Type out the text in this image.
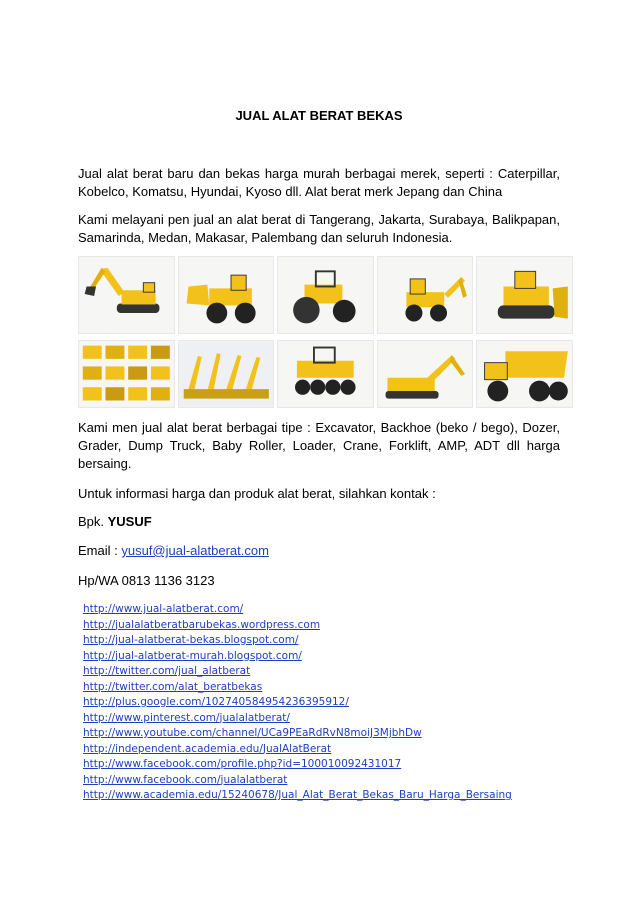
JUAL ALAT BERAT BEKAS
Jual alat berat baru dan bekas harga murah berbagai merek, seperti : Caterpillar, Kobelco, Komatsu, Hyundai, Kyoso dll. Alat berat merk Jepang dan China
Kami melayani pen jual an alat berat di Tangerang, Jakarta, Surabaya, Balikpapan, Samarinda, Medan, Makasar, Palembang dan seluruh Indonesia.
Kami men jual alat berat berbagai tipe : Excavator, Backhoe (beko / bego), Dozer, Grader, Dump Truck, Baby Roller, Loader, Crane, Forklift, AMP, ADT dll harga bersaing.
Untuk informasi harga dan produk alat berat, silahkan kontak :
Bpk. YUSUF
Email : yusuf@jual-alatberat.com
Hp/WA 0813 1136 3123
http://www.jual-alatberat.com/
http://jualalatberatbarubekas.wordpress.com
http://jual-alatberat-bekas.blogspot.com/
http://jual-alatberat-murah.blogspot.com/
http://twitter.com/jual_alatberat
http://twitter.com/alat_beratbekas
http://plus.google.com/102740584954236395912/
http://www.pinterest.com/jualalatberat/
http://www.youtube.com/channel/UCa9PEaRdRvN8moiJ3MjbhDw
http://independent.academia.edu/JualAlatBerat
http://www.facebook.com/profile.php?id=100010092431017
http://www.facebook.com/jualalatberat
http://www.academia.edu/15240678/Jual_Alat_Berat_Bekas_Baru_Harga_Bersaing
